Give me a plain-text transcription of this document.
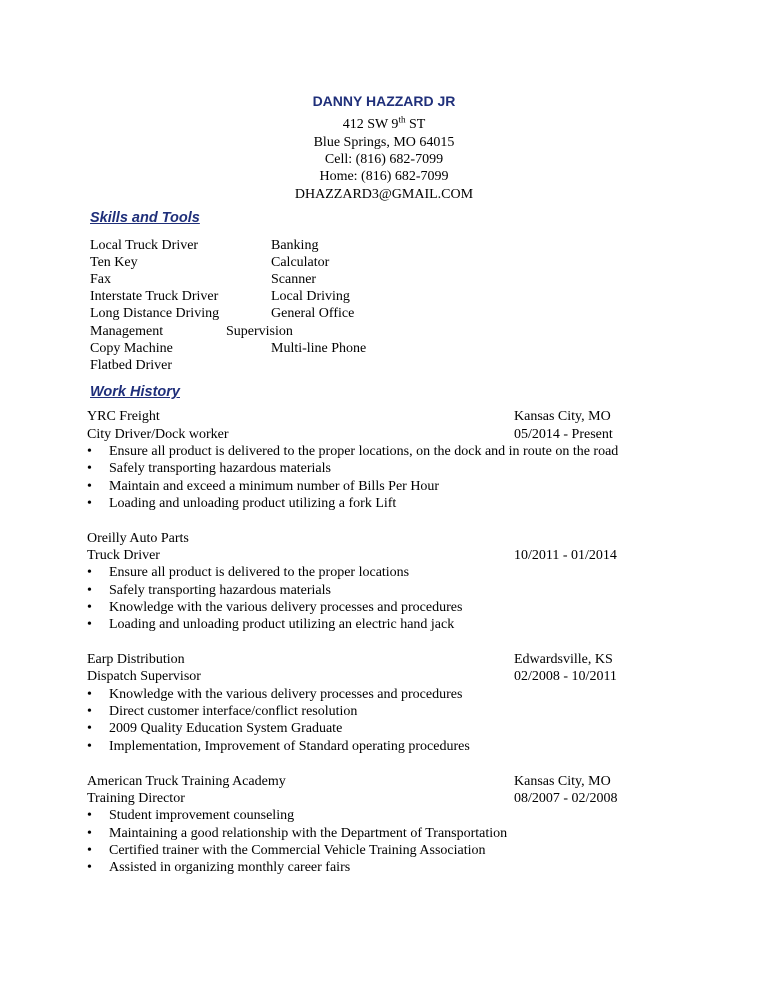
DANNY HAZZARD JR
412 SW 9th ST
Blue Springs, MO 64015
Cell: (816) 682-7099
Home: (816) 682-7099
DHAZZARD3@GMAIL.COM
Skills and Tools
Local Truck Driver	Banking
Ten Key	Calculator
Fax	Scanner
Interstate Truck Driver	Local Driving
Long Distance Driving	General Office
Management	Supervision
Copy Machine	Multi-line Phone
Flatbed Driver
Work History
YRC Freight	Kansas City, MO
City Driver/Dock worker	05/2014 - Present
• Ensure all product is delivered to the proper locations, on the dock and in route on the road
• Safely transporting hazardous materials
• Maintain and exceed a minimum number of Bills Per Hour
• Loading and unloading product utilizing a fork Lift
Oreilly Auto Parts
Truck Driver	10/2011 - 01/2014
• Ensure all product is delivered to the proper locations
• Safely transporting hazardous materials
• Knowledge with the various delivery processes and procedures
• Loading and unloading product utilizing an electric hand jack
Earp Distribution	Edwardsville, KS
Dispatch Supervisor	02/2008 - 10/2011
• Knowledge with the various delivery processes and procedures
• Direct customer interface/conflict resolution
• 2009 Quality Education System Graduate
• Implementation, Improvement of Standard operating procedures
American Truck Training Academy	Kansas City, MO
Training Director	08/2007 - 02/2008
• Student improvement counseling
• Maintaining a good relationship with the Department of Transportation
• Certified trainer with the Commercial Vehicle Training Association
• Assisted in organizing monthly career fairs
